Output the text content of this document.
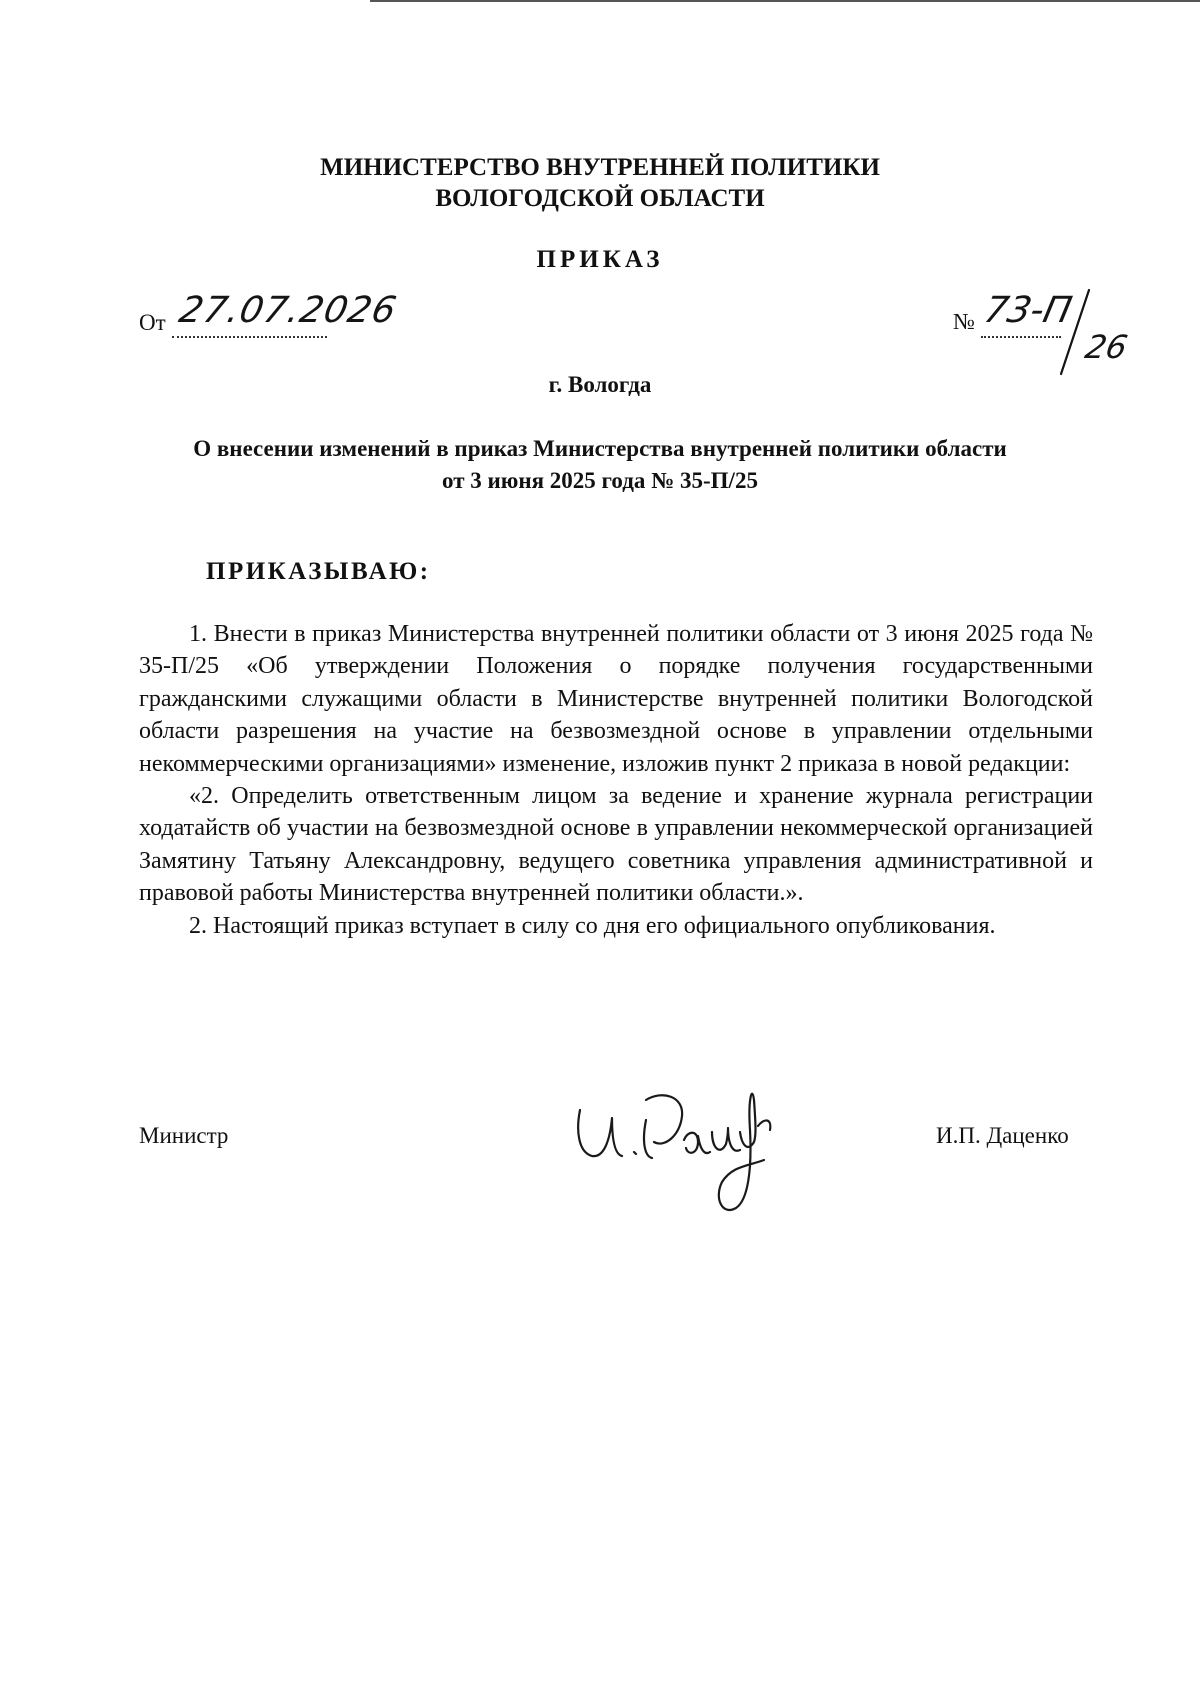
МИНИСТЕРСТВО ВНУТРЕННЕЙ ПОЛИТИКИ
ВОЛОГОДСКОЙ ОБЛАСТИ
ПРИКАЗ
От 27.07.2026	№ 73-П
26
г. Вологда
О внесении изменений в приказ Министерства внутренней политики области
от 3 июня 2025 года № 35-П/25
ПРИКАЗЫВАЮ:

1. Внести в приказ Министерства внутренней политики области от 3 июня 2025 года № 35-П/25 «Об утверждении Положения о порядке получения государственными гражданскими служащими области в Министерстве внутренней политики Вологодской области разрешения на участие на безвозмездной основе в управлении отдельными некоммерческими организациями» изменение, изложив пункт 2 приказа в новой редакции:

«2. Определить ответственным лицом за ведение и хранение журнала регистрации ходатайств об участии на безвозмездной основе в управлении некоммерческой организацией Замятину Татьяну Александровну, ведущего советника управления административной и правовой работы Министерства внутренней политики области.».

2. Настоящий приказ вступает в силу со дня его официального опубликования.

Министр	И.П. Даценко
